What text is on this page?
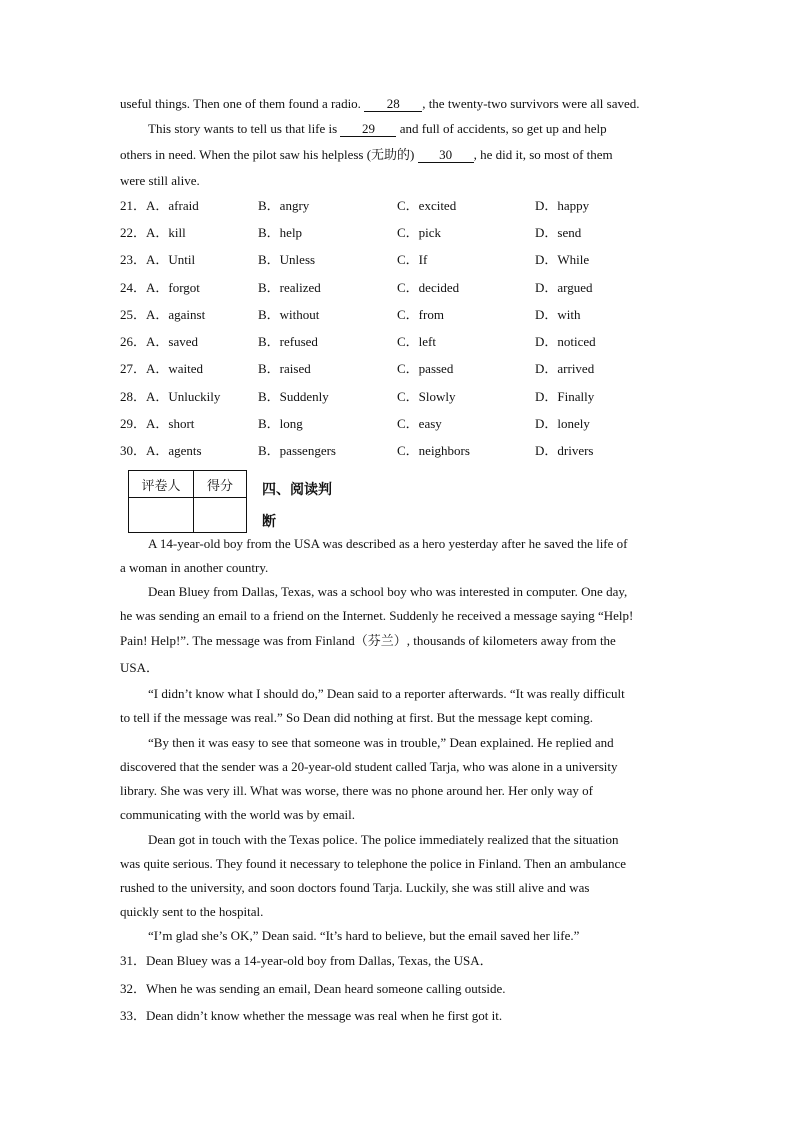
useful things. Then one of them found a radio. 28 , the twenty-two survivors were all saved.
This story wants to tell us that life is 29 and full of accidents, so get up and help
others in need. When the pilot saw his helpless (无助的) 30 , he did it, so most of them
were still alive.
21． A．afraid	B．angry	C．excited	D．happy
22． A．kill	B．help	C．pick	D．send
23． A．Until	B．Unless	C．If	D．While
24． A．forgot	B．realized	C．decided	D．argued
25． A．against	B．without	C．from	D．with
26． A．saved	B．refused	C．left	D．noticed
27． A．waited	B．raised	C．passed	D．arrived
28． A．Unluckily	B．Suddenly	C．Slowly	D．Finally
29． A．short	B．long	C．easy	D．lonely
30． A．agents	B．passengers	C．neighbors	D．drivers
评卷人	得分
	四、阅读判
断
A 14-year-old boy from the USA was described as a hero yesterday after he saved the life of
a woman in another country.
Dean Bluey from Dallas, Texas, was a school boy who was interested in computer. One day,
he was sending an email to a friend on the Internet. Suddenly he received a message saying “Help!
Pain! Help!”. The message was from Finland（芬兰）, thousands of kilometers away from the
USA．
“I didn’t know what I should do,” Dean said to a reporter afterwards. “It was really difficult
to tell if the message was real.” So Dean did nothing at first. But the message kept coming.
“By then it was easy to see that someone was in trouble,” Dean explained. He replied and
discovered that the sender was a 20-year-old student called Tarja, who was alone in a university
library. She was very ill. What was worse, there was no phone around her. Her only way of
communicating with the world was by email.
Dean got in touch with the Texas police. The police immediately realized that the situation
was quite serious. They found it necessary to telephone the police in Finland. Then an ambulance
rushed to the university, and soon doctors found Tarja. Luckily, she was still alive and was
quickly sent to the hospital.
“I’m glad she’s OK,” Dean said. “It’s hard to believe, but the email saved her life.”
31．Dean Bluey was a 14-year-old boy from Dallas, Texas, the USA．
32．When he was sending an email, Dean heard someone calling outside.
33．Dean didn’t know whether the message was real when he first got it.
